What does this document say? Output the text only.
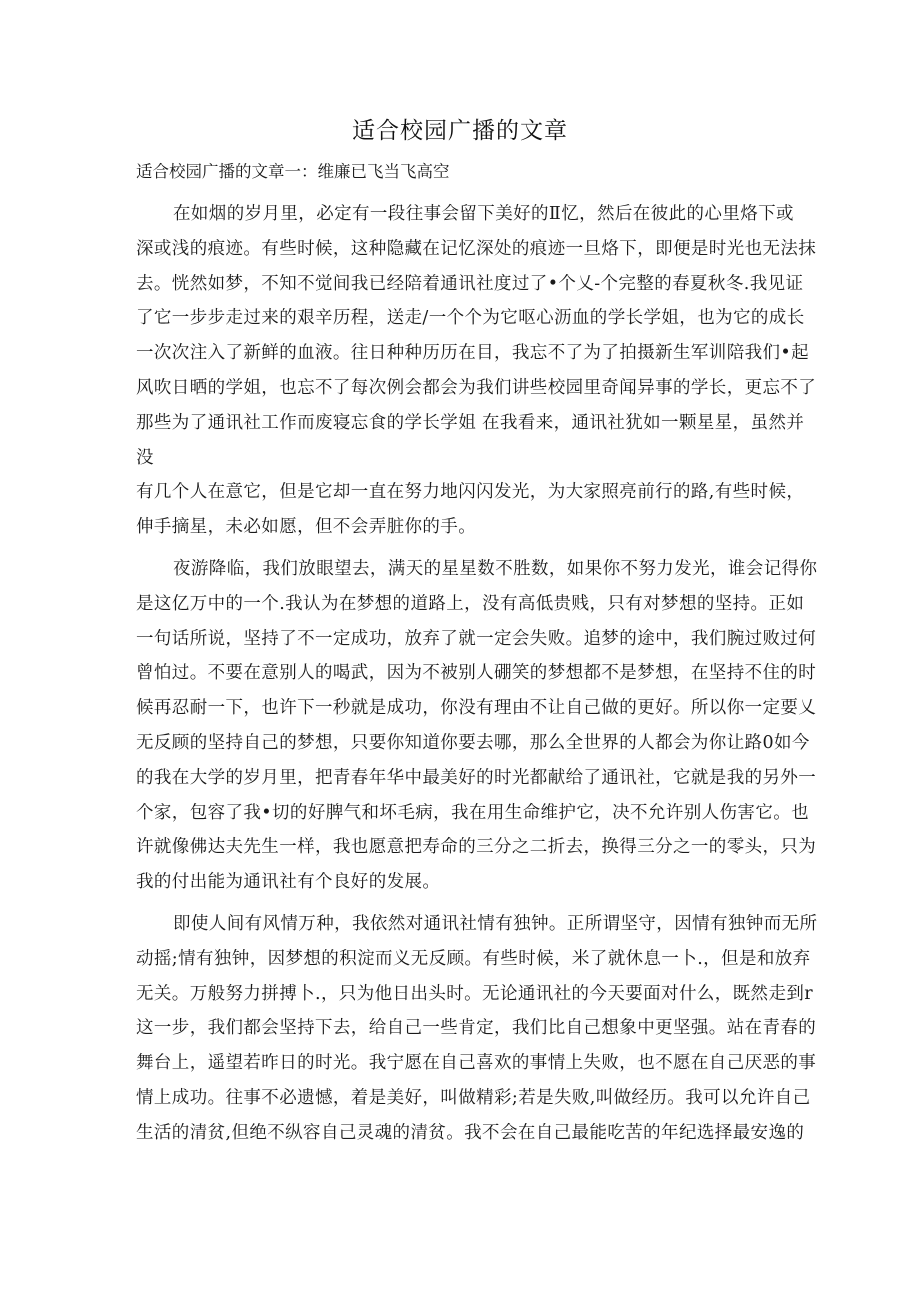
适合校园广播的文章
适合校园广播的文章一：维廉已飞当飞高空
在如烟的岁月里，必定有一段往事会留下美好的Ⅱ忆，然后在彼此的心里烙下或
深或浅的痕迹。有些时候，这种隐藏在记忆深处的痕迹一旦烙下，即便是时光也无法抹
去。恍然如梦，不知不觉间我已经陪着通讯社度过了•个乂-个完整的春夏秋冬.我见证
了它一步步走过来的艰辛历程，送走/一个个为它呕心沥血的学长学姐，也为它的成长
一次次注入了新鲜的血液。往日种种历历在目，我忘不了为了拍摄新生军训陪我们•起
风吹日晒的学姐，也忘不了每次例会都会为我们讲些校园里奇闻异事的学长，更忘不了
那些为了通讯社工作而废寝忘食的学长学姐 在我看来，通讯社犹如一颗星星，虽然并
没
有几个人在意它，但是它却一直在努力地闪闪发光，为大家照亮前行的路,有些时候，
伸手摘星，未必如愿，但不会弄脏你的手。
夜游降临，我们放眼望去，满天的星星数不胜数，如果你不努力发光，谁会记得你
是这亿万中的一个.我认为在梦想的道路上，没有高低贵贱，只有对梦想的坚持。正如
一句话所说，坚持了不一定成功，放弃了就一定会失败。追梦的途中，我们腕过败过何
曾怕过。不要在意别人的喝武，因为不被别人硼笑的梦想都不是梦想，在坚持不住的时
候再忍耐一下，也许下一秒就是成功，你没有理由不让自己做的更好。所以你一定要乂
无反顾的坚持自己的梦想，只要你知道你要去哪，那么全世界的人都会为你让路0如今
的我在大学的岁月里，把青春年华中最美好的时光都献给了通讯社，它就是我的另外一
个家，包容了我•切的好脾气和坏毛病，我在用生命维护它，决不允许别人伤害它。也
许就像佛达夫先生一样，我也愿意把寿命的三分之二折去，换得三分之一的零头，只为
我的付出能为通讯社有个良好的发展。
即使人间有风情万种，我依然对通讯社情有独钟。正所谓坚守，因情有独钟而无所
动摇;情有独钟，因梦想的积淀而义无反顾。有些时候，米了就休息一卜.，但是和放弃
无关。万般努力拼搏卜.，只为他日出头时。无论通讯社的今天要面对什么，既然走到r
这一步，我们都会坚持下去，给自己一些肯定，我们比自己想象中更坚强。站在青春的
舞台上，遥望若昨日的时光。我宁愿在自己喜欢的事情上失败，也不愿在自己厌恶的事
情上成功。往事不必遗憾，着是美好，叫做精彩;若是失败,叫做经历。我可以允许自己
生活的清贫,但绝不纵容自己灵魂的清贫。我不会在自己最能吃苦的年纪选择最安逸的
